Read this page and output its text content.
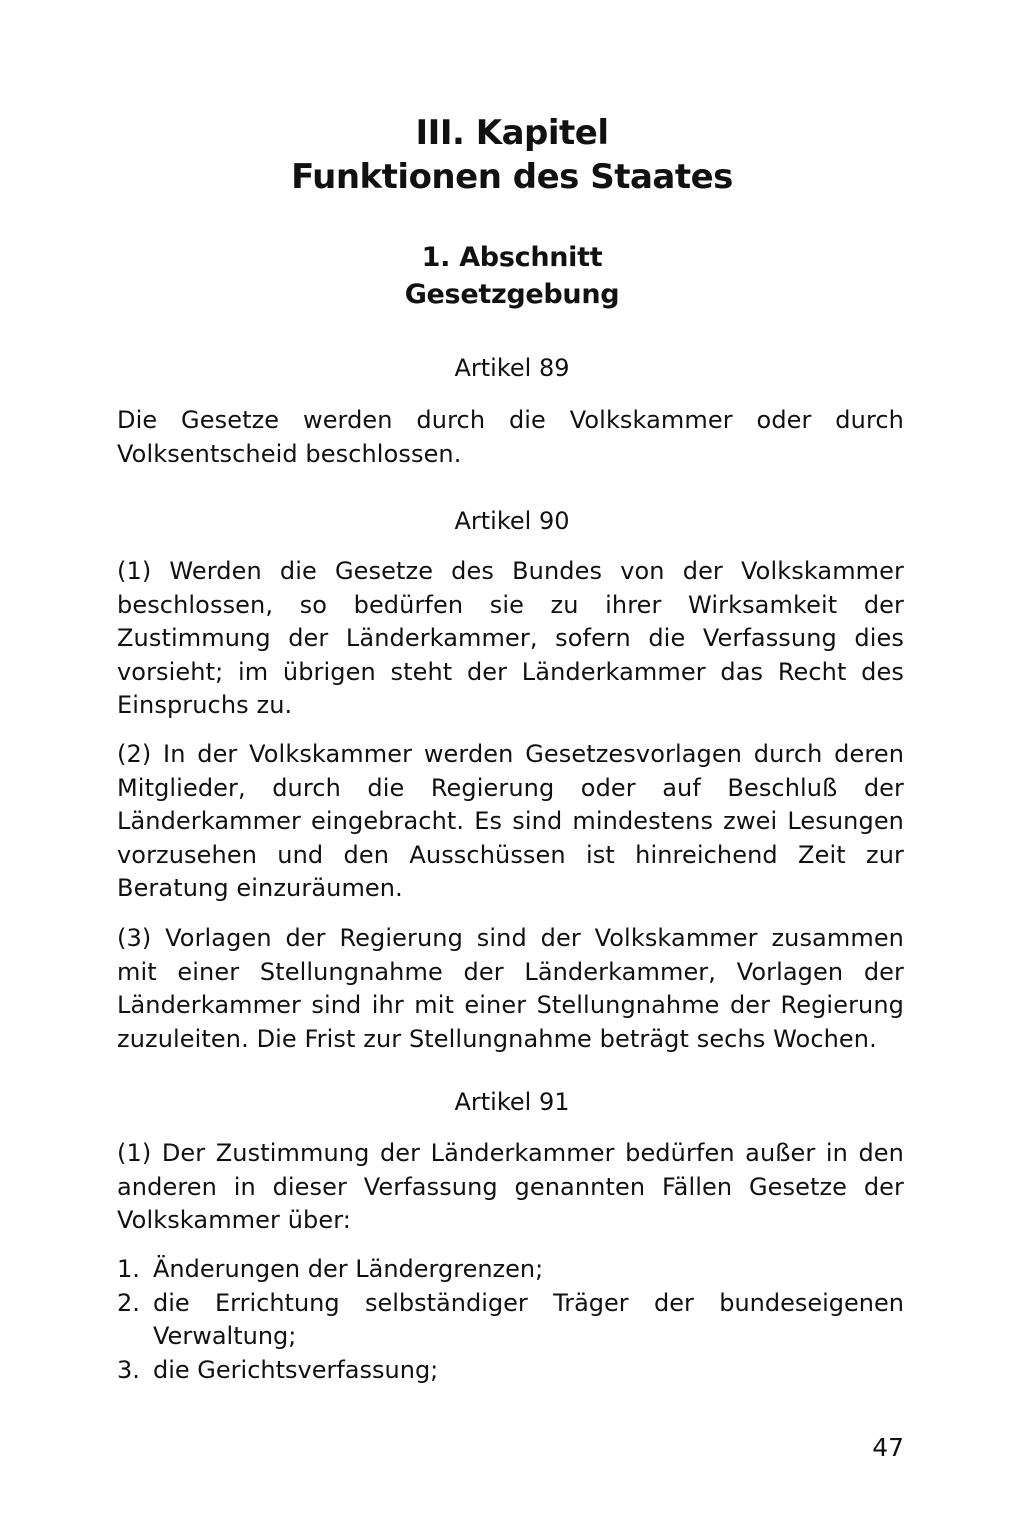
III. Kapitel
Funktionen des Staates
1. Abschnitt
Gesetzgebung
Artikel 89

Die Gesetze werden durch die Volkskammer oder durch Volksentscheid beschlossen.

Artikel 90

(1) Werden die Gesetze des Bundes von der Volkskammer beschlossen, so bedürfen sie zu ihrer Wirksamkeit der Zustimmung der Länderkammer, sofern die Verfassung dies vorsieht; im übrigen steht der Länderkammer das Recht des Einspruchs zu.

(2) In der Volkskammer werden Gesetzesvorlagen durch deren Mitglieder, durch die Regierung oder auf Beschluß der Länderkammer eingebracht. Es sind mindestens zwei Lesungen vorzusehen und den Ausschüssen ist hinreichend Zeit zur Beratung einzuräumen.

(3) Vorlagen der Regierung sind der Volkskammer zusammen mit einer Stellungnahme der Länderkammer, Vorlagen der Länderkammer sind ihr mit einer Stellungnahme der Regierung zuzuleiten. Die Frist zur Stellungnahme beträgt sechs Wochen.

Artikel 91

(1) Der Zustimmung der Länderkammer bedürfen außer in den anderen in dieser Verfassung genannten Fällen Gesetze der Volkskammer über:

1. Änderungen der Ländergrenzen;
2. die Errichtung selbständiger Träger der bundeseigenen Verwaltung;
3. die Gerichtsverfassung;
47
